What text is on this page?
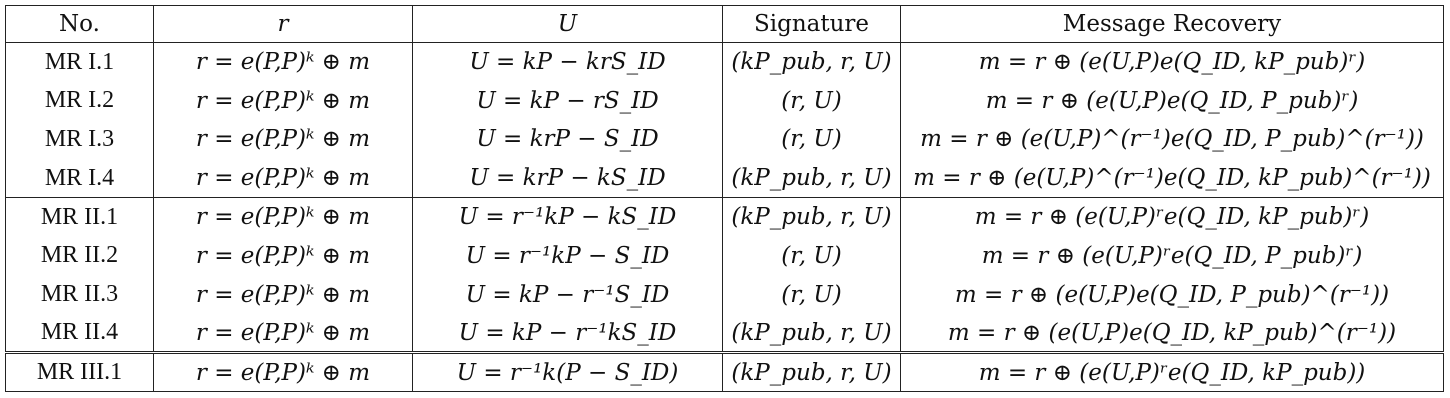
No.	r	U	Signature	Message Recovery
MR I.1	r = e(P,P)ᵏ ⊕ m	U = kP − krS_ID	(kP_pub, r, U)	m = r ⊕ (e(U,P)e(Q_ID, kP_pub)ʳ)
MR I.2	r = e(P,P)ᵏ ⊕ m	U = kP − rS_ID	(r, U)	m = r ⊕ (e(U,P)e(Q_ID, P_pub)ʳ)
MR I.3	r = e(P,P)ᵏ ⊕ m	U = krP − S_ID	(r, U)	m = r ⊕ (e(U,P)^(r⁻¹)e(Q_ID, P_pub)^(r⁻¹))
MR I.4	r = e(P,P)ᵏ ⊕ m	U = krP − kS_ID	(kP_pub, r, U)	m = r ⊕ (e(U,P)^(r⁻¹)e(Q_ID, kP_pub)^(r⁻¹))
MR II.1	r = e(P,P)ᵏ ⊕ m	U = r⁻¹kP − kS_ID	(kP_pub, r, U)	m = r ⊕ (e(U,P)ʳe(Q_ID, kP_pub)ʳ)
MR II.2	r = e(P,P)ᵏ ⊕ m	U = r⁻¹kP − S_ID	(r, U)	m = r ⊕ (e(U,P)ʳe(Q_ID, P_pub)ʳ)
MR II.3	r = e(P,P)ᵏ ⊕ m	U = kP − r⁻¹S_ID	(r, U)	m = r ⊕ (e(U,P)e(Q_ID, P_pub)^(r⁻¹))
MR II.4	r = e(P,P)ᵏ ⊕ m	U = kP − r⁻¹kS_ID	(kP_pub, r, U)	m = r ⊕ (e(U,P)e(Q_ID, kP_pub)^(r⁻¹))
MR III.1	r = e(P,P)ᵏ ⊕ m	U = r⁻¹k(P − S_ID)	(kP_pub, r, U)	m = r ⊕ (e(U,P)ʳe(Q_ID, kP_pub))
